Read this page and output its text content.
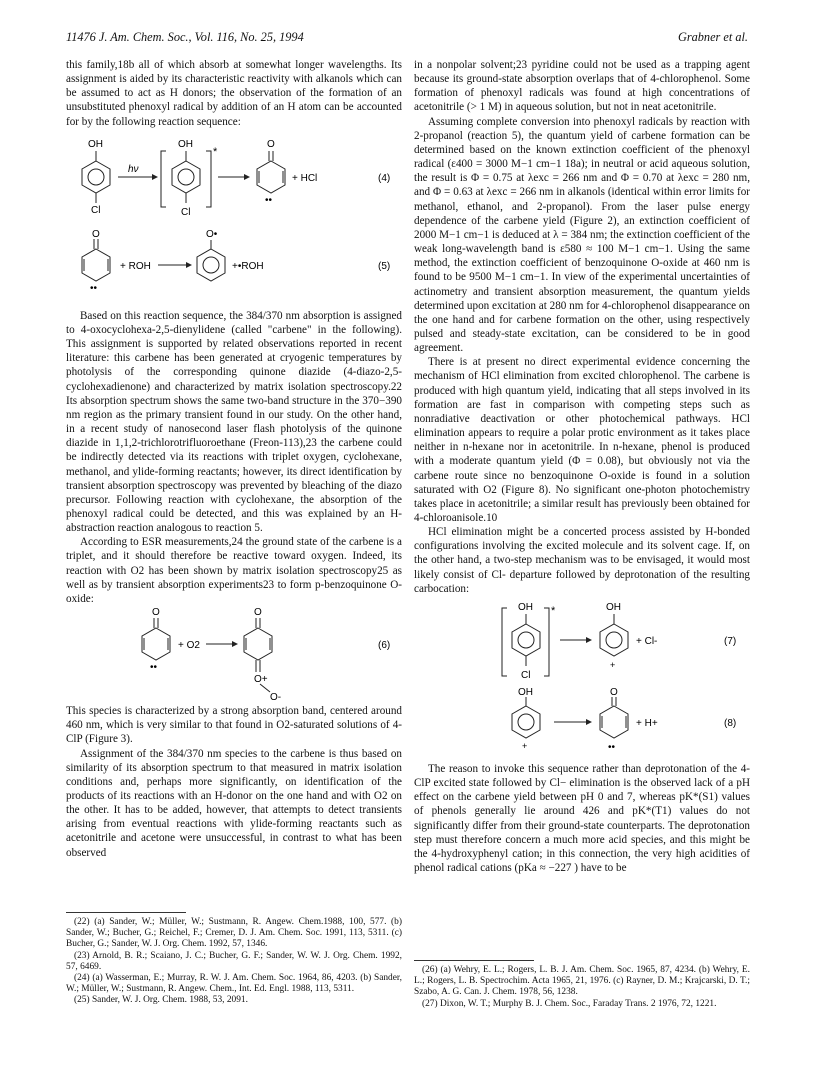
11476 J. Am. Chem. Soc., Vol. 116, No. 25, 1994	Grabner et al.

this family,18b all of which absorb at somewhat longer wavelengths. Its assignment is aided by its characteristic reactivity with alkanols which can be assumed to act as H donors; the observation of the formation of an unsubstituted phenoxyl radical by addition of an H atom can be accounted for by the following reaction sequence:

OH
Cl
hν
*
OH
Cl
O
••
+ HCl	(4)
O
••
+ ROH
O•
+•ROH	(5)

Based on this reaction sequence, the 384/370 nm absorption is assigned to 4-oxocyclohexa-2,5-dienylidene (called "carbene" in the following). This assignment is supported by related observations reported in recent literature: this carbene has been generated at cryogenic temperatures by photolysis of the corresponding quinone diazide (4-diazo-2,5-cyclohexadienone) and characterized by matrix isolation spectroscopy.22 Its absorption spectrum shows the same two-band structure in the 370−390 nm region as the primary transient found in our study. On the other hand, in a recent study of nanosecond laser flash photolysis of the quinone diazide in 1,1,2-trichlorotrifluoroethane (Freon-113),23 the carbene could be indirectly detected via its reactions with triplet oxygen, cyclohexane, methanol, and ylide-forming reactants; however, its direct identification by transient absorption spectroscopy was prevented by bleaching of the diazo precursor. Following reaction with cyclohexane, the absorption of the phenoxyl radical could be detected, and this was explained by an H-abstraction reaction analogous to reaction 5.

According to ESR measurements,24 the ground state of the carbene is a triplet, and it should therefore be reactive toward oxygen. Indeed, its reaction with O2 has been shown by matrix isolation spectroscopy25 as well as by transient absorption experiments23 to form p-benzoquinone O-oxide:

O
••
+ O2
O
O+
O-
(6)

This species is characterized by a strong absorption band, centered around 460 nm, which is very similar to that found in O2-saturated solutions of 4-ClP (Figure 3).

Assignment of the 384/370 nm species to the carbene is thus based on similarity of its absorption spectrum to that measured in matrix isolation conditions and, perhaps more significantly, on identification of the products of its reactions with an H-donor on the one hand and with O2 on the other. It has to be added, however, that attempts to detect transients arising from eventual reactions with ylide-forming reactants such as acetonitrile and acetone were unsuccessful, in contrast to what has been observed

(22) (a) Sander, W.; Müller, W.; Sustmann, R. Angew. Chem.1988, 100, 577. (b) Sander, W.; Bucher, G.; Reichel, F.; Cremer, D. J. Am. Chem. Soc. 1991, 113, 5311. (c) Bucher, G.; Sander, W. J. Org. Chem. 1992, 57, 1346.

(23) Arnold, B. R.; Scaiano, J. C.; Bucher, G. F.; Sander, W. W. J. Org. Chem. 1992, 57, 6469.

(24) (a) Wasserman, E.; Murray, R. W. J. Am. Chem. Soc. 1964, 86, 4203. (b) Sander, W.; Müller, W.; Sustmann, R. Angew. Chem., Int. Ed. Engl. 1988, 113, 5311.

(25) Sander, W. J. Org. Chem. 1988, 53, 2091.

in a nonpolar solvent;23 pyridine could not be used as a trapping agent because its ground-state absorption overlaps that of 4-chlorophenol. Some formation of phenoxyl radicals was found at high concentrations of acetonitrile (> 1 M) in aqueous solution, but not in neat acetonitrile.

Assuming complete conversion into phenoxyl radicals by reaction with 2-propanol (reaction 5), the quantum yield of carbene formation can be determined based on the known extinction coefficient of the phenoxyl radical (ε400 = 3000 M−1 cm−1 18a); in neutral or acid aqueous solution, the result is Φ = 0.75 at λexc = 266 nm and Φ = 0.70 at λexc = 280 nm, and Φ = 0.63 at λexc = 266 nm in alkanols (identical within error limits for methanol, ethanol, and 2-propanol). From the laser pulse energy dependence of the carbene yield (Figure 2), an extinction coefficient of 2000 M−1 cm−1 is deduced at λ = 384 nm; the extinction coefficient of the weak long-wavelength band is ε580 ≈ 100 M−1 cm−1. Using the same method, the extinction coefficient of benzoquinone O-oxide at 460 nm is found to be 9500 M−1 cm−1. In view of the experimental uncertainties of actinometry and transient absorption measurement, the quantum yields determined upon excitation at 280 nm for 4-chlorophenol disappearance on the one hand and for carbene formation on the other, using respectively pulsed and steady-state excitation, can be considered to be in good agreement.

There is at present no direct experimental evidence concerning the mechanism of HCl elimination from excited chlorophenol. The carbene is produced with high quantum yield, indicating that all steps involved in its formation are fast in comparison with competing steps such as nonradiative deactivation or other photochemical pathways. HCl elimination appears to require a polar protic environment as it takes place neither in n-hexane nor in acetonitrile. In n-hexane, phenol is produced with a moderate quantum yield (Φ = 0.08), but obviously not via the carbene route since no benzoquinone O-oxide is found in a solution saturated with O2 (Figure 8). No significant one-photon photochemistry takes place in acetonitrile; a similar result has previously been obtained for 4-chloroanisole.10

HCl elimination might be a concerted process assisted by H-bonded configurations involving the excited molecule and its solvent cage. If, on the other hand, a two-step mechanism was to be envisaged, it would most likely consist of Cl- departure followed by deprotonation of the resulting carbocation:

*
OH
Cl
OH
+
+ Cl-	(7)
OH
+
O
••
+ H+	(8)

The reason to invoke this sequence rather than deprotonation of the 4-ClP excited state followed by Cl− elimination is the observed lack of a pH effect on the carbene yield between pH 0 and 7, whereas pK*(S1) values of phenols generally lie around 426 and pK*(T1) values do not significantly differ from their ground-state counterparts. The deprotonation step must therefore concern a much more acid species, and this might be the 4-hydroxyphenyl cation; in this connection, the very high acidities of phenol radical cations (pKa ≈ −227 ) have to be

(26) (a) Wehry, E. L.; Rogers, L. B. J. Am. Chem. Soc. 1965, 87, 4234. (b) Wehry, E. L.; Rogers, L. B. Spectrochim. Acta 1965, 21, 1976. (c) Rayner, D. M.; Krajcarski, D. T.; Szabo, A. G. Can. J. Chem. 1978, 56, 1238.

(27) Dixon, W. T.; Murphy B. J. Chem. Soc., Faraday Trans. 2 1976, 72, 1221.
